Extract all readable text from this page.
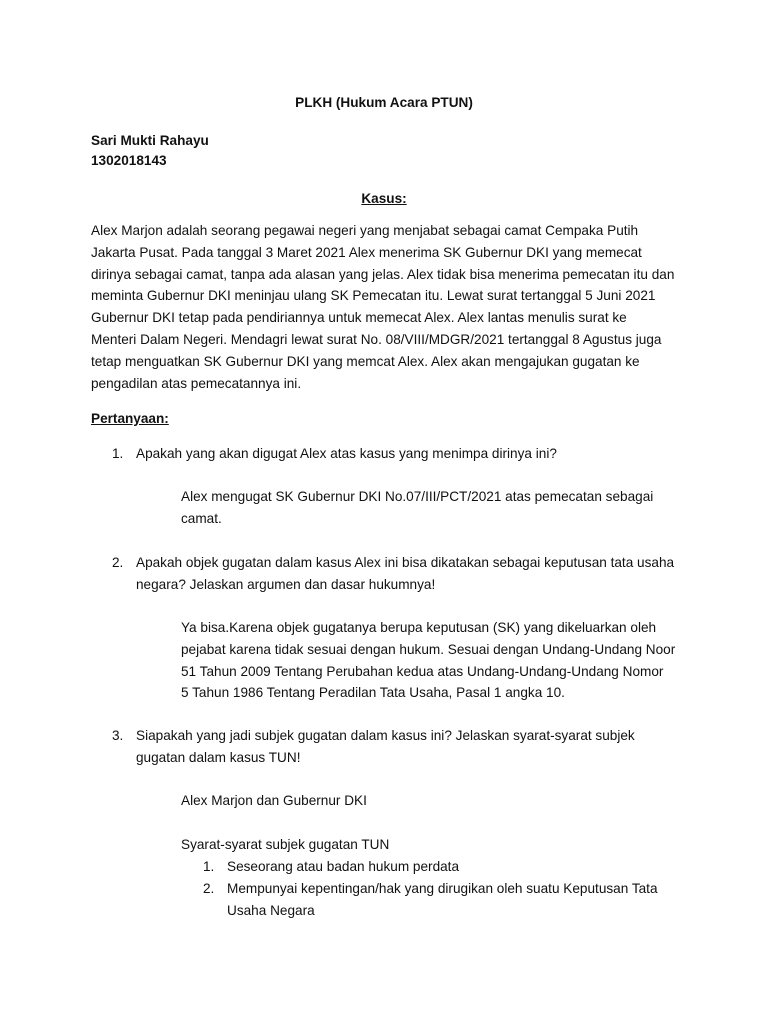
PLKH (Hukum Acara PTUN)
Sari Mukti Rahayu
1302018143
Kasus:
Alex Marjon adalah seorang pegawai negeri yang menjabat sebagai camat Cempaka Putih
Jakarta Pusat. Pada tanggal 3 Maret 2021 Alex menerima SK Gubernur DKI yang memecat
dirinya sebagai camat, tanpa ada alasan yang jelas. Alex tidak bisa menerima pemecatan itu dan
meminta Gubernur DKI meninjau ulang SK Pemecatan itu. Lewat surat tertanggal 5 Juni 2021
Gubernur DKI tetap pada pendiriannya untuk memecat Alex. Alex lantas menulis surat ke
Menteri Dalam Negeri. Mendagri lewat surat No. 08/VIII/MDGR/2021 tertanggal 8 Agustus juga
tetap menguatkan SK Gubernur DKI yang memcat Alex. Alex akan mengajukan gugatan ke
pengadilan atas pemecatannya ini.
Pertanyaan:
1. Apakah yang akan digugat Alex atas kasus yang menimpa dirinya ini?
Alex mengugat SK Gubernur DKI No.07/III/PCT/2021 atas pemecatan sebagai
camat.
2. Apakah objek gugatan dalam kasus Alex ini bisa dikatakan sebagai keputusan tata usaha
negara? Jelaskan argumen dan dasar hukumnya!
Ya bisa.Karena objek gugatanya berupa keputusan (SK) yang dikeluarkan oleh
pejabat karena tidak sesuai dengan hukum. Sesuai dengan Undang-Undang Noor
51 Tahun 2009 Tentang Perubahan kedua atas Undang-Undang-Undang Nomor
5 Tahun 1986 Tentang Peradilan Tata Usaha, Pasal 1 angka 10.
3. Siapakah yang jadi subjek gugatan dalam kasus ini? Jelaskan syarat-syarat subjek
gugatan dalam kasus TUN!
Alex Marjon dan Gubernur DKI
Syarat-syarat subjek gugatan TUN
1. Seseorang atau badan hukum perdata
2. Mempunyai kepentingan/hak yang dirugikan oleh suatu Keputusan Tata
Usaha Negara
